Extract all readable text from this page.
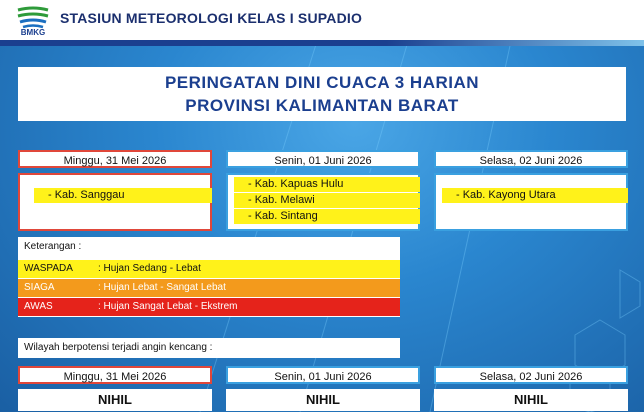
BMKG
STASIUN METEOROLOGI KELAS I SUPADIO
PERINGATAN DINI CUACA 3 HARIAN
PROVINSI KALIMANTAN BARAT
Minggu, 31 Mei 2026
- Kab. Sanggau
Senin, 01 Juni 2026
- Kab. Kapuas Hulu
- Kab. Melawi
- Kab. Sintang
Selasa, 02 Juni 2026
- Kab. Kayong Utara
Keterangan :
WASPADA	: Hujan Sedang - Lebat
SIAGA	: Hujan Lebat - Sangat Lebat
AWAS	: Hujan Sangat Lebat - Ekstrem
Wilayah berpotensi terjadi angin kencang :
Minggu, 31 Mei 2026	Senin, 01 Juni 2026	Selasa, 02 Juni 2026
NIHIL	NIHIL	NIHIL
